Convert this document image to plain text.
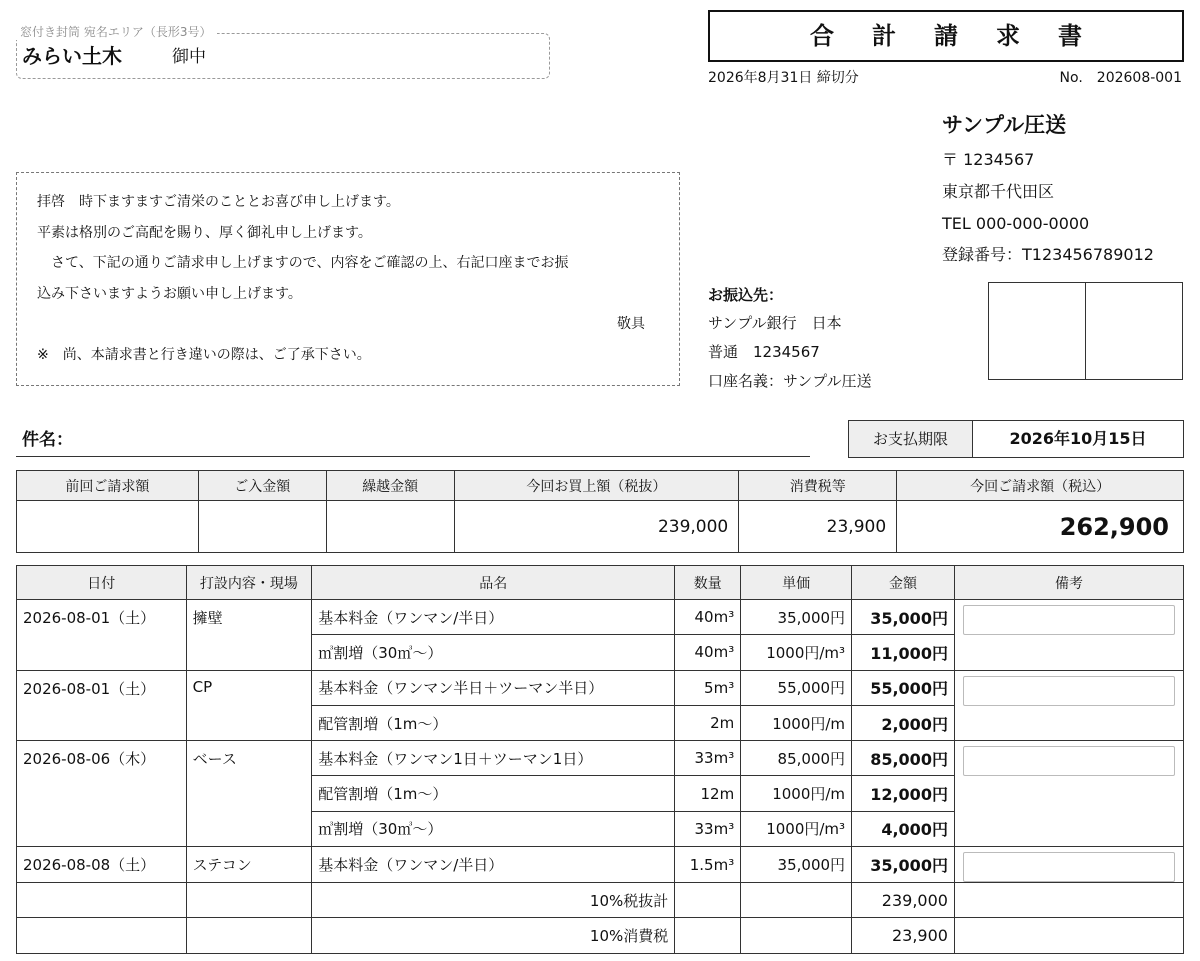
窓付き封筒 宛名エリア（長形3号）
みらい土木	御中
合計請求書
2026年8月31日 締切分	No. 202608-001
サンプル圧送
〒 1234567
東京都千代田区
TEL 000-000-0000
登録番号：T123456789012
拝啓　時下ますますご清栄のこととお喜び申し上げます。
平素は格別のご高配を賜り、厚く御礼申し上げます。
　さて、下記の通りご請求申し上げますので、内容をご確認の上、右記口座までお振
込み下さいますようお願い申し上げます。
敬具
※　尚、本請求書と行き違いの際は、ご了承下さい。
お振込先：
サンプル銀行　日本
普通　1234567
口座名義：サンプル圧送
件名：	お支払期限	2026年10月15日
前回ご請求額	ご入金額	繰越金額	今回お買上額（税抜）	消費税等	今回ご請求額（税込）
			239,000	23,900	262,900
日付	打設内容・現場	品名	数量	単価	金額	備考
2026-08-01（土）	擁壁	基本料金（ワンマン/半日）	40m³	35,000円	35,000円	

		㎥割増（30㎥〜）	40m³	1000円/m³	11,000円	
2026-08-01（土）	CP	基本料金（ワンマン半日＋ツーマン半日）	5m³	55,000円	55,000円	

		配管割増（1m〜）	2m	1000円/m	2,000円	
2026-08-06（木）	ベース	基本料金（ワンマン1日＋ツーマン1日）	33m³	85,000円	85,000円	

		配管割増（1m〜）	12m	1000円/m	12,000円	
		㎥割増（30㎥〜）	33m³	1000円/m³	4,000円	
2026-08-08（土）	ステコン	基本料金（ワンマン/半日）	1.5m³	35,000円	35,000円	

		10%税抜計			239,000	
		10%消費税			23,900	
